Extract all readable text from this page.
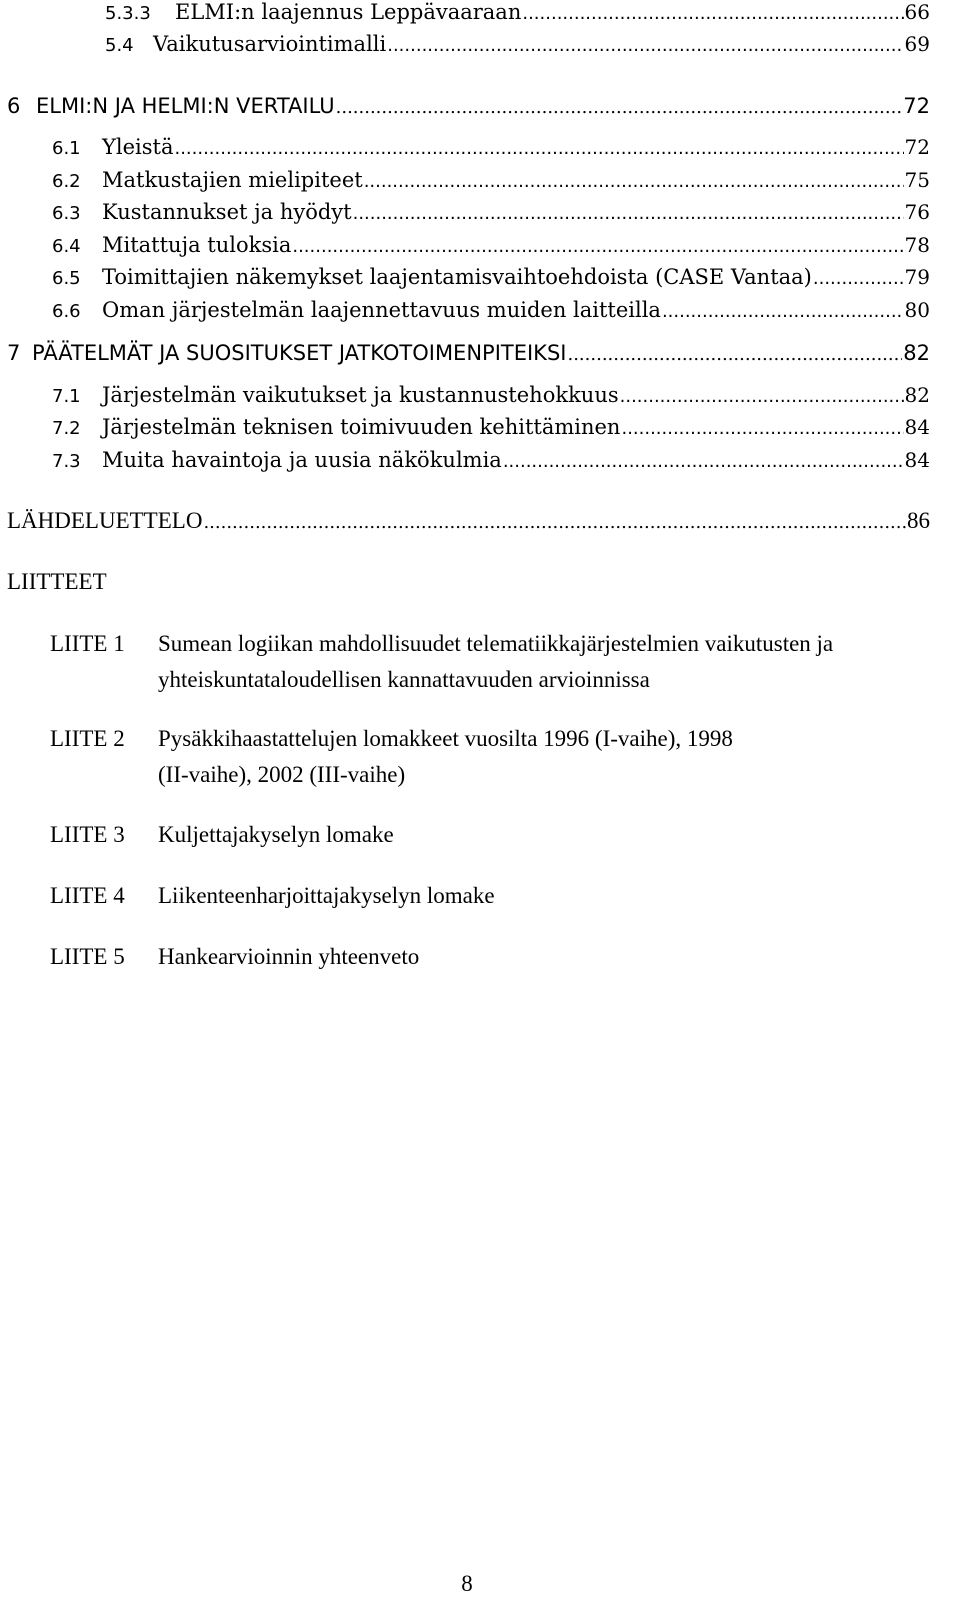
5.3.3	ELMI:n laajennus Leppävaaraan .....	66
5.4 Vaikutusarviointimalli .....	69
6 ELMI:N JA HELMI:N VERTAILU .....	72
6.1	Yleistä .....	72
6.2	Matkustajien mielipiteet .....	75
6.3	Kustannukset ja hyödyt .....	76
6.4	Mitattuja tuloksia .....	78
6.5	Toimittajien näkemykset laajentamisvaihtoehdoista (CASE Vantaa) .....	79
6.6	Oman järjestelmän laajennettavuus muiden laitteilla .....	80
7 PÄÄTELMÄT JA SUOSITUKSET JATKOTOIMENPITEIKSI .....	82
7.1	Järjestelmän vaikutukset ja kustannustehokkuus .....	82
7.2	Järjestelmän teknisen toimivuuden kehittäminen .....	84
7.3	Muita havaintoja ja uusia näkökulmia .....	84
LÄHDELUETTELO .....	86
LIITTEET
LIITE 1	Sumean logiikan mahdollisuudet telematiikkajärjestelmien vaikutusten ja yhteiskuntataloudellisen kannattavuuden arvioinnissa
LIITE 2	Pysäkkihaastattelujen lomakkeet vuosilta 1996 (I-vaihe), 1998 (II-vaihe), 2002 (III-vaihe)
LIITE 3	Kuljettajakyselyn lomake
LIITE 4	Liikenteenharjoittajakyselyn lomake
LIITE 5	Hankearvioinnin yhteenveto
8
